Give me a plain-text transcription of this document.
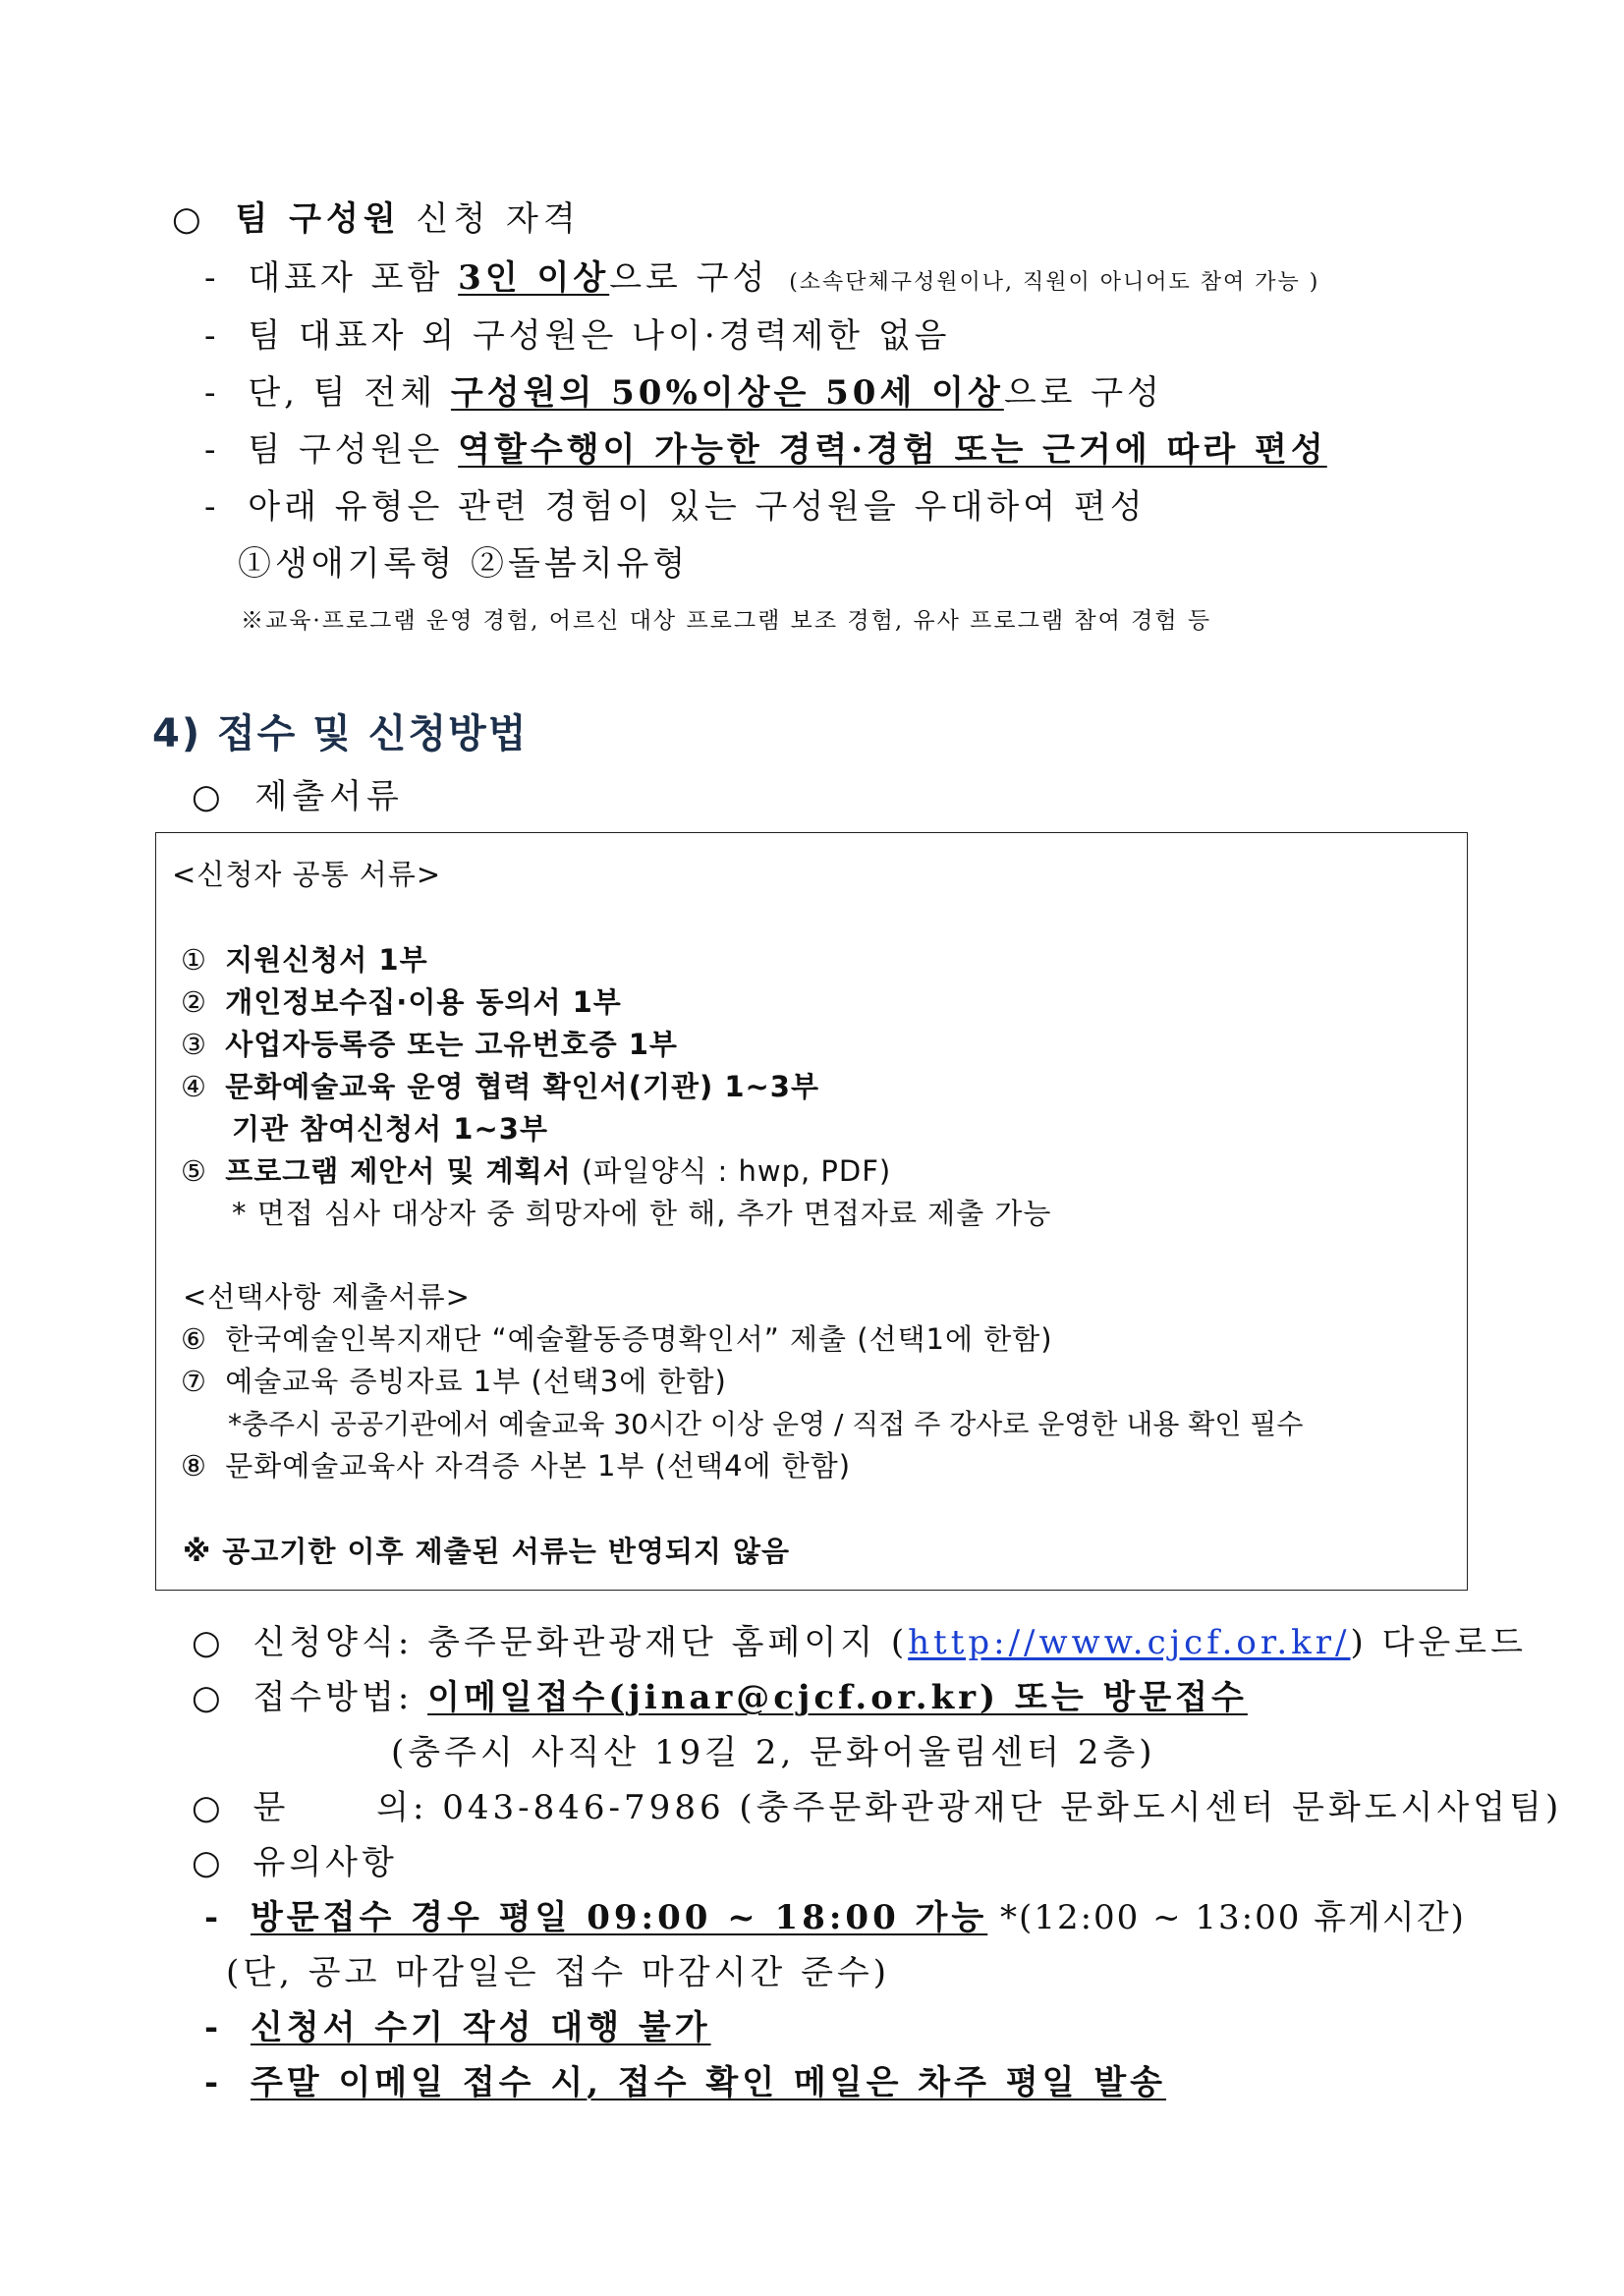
○ 팀 구성원 신청 자격
- 대표자 포함 3인 이상으로 구성 (소속단체구성원이나, 직원이 아니어도 참여 가능 )
- 팀 대표자 외 구성원은 나이·경력제한 없음
- 단, 팀 전체 구성원의 50%이상은 50세 이상으로 구성
- 팀 구성원은 역할수행이 가능한 경력·경험 또는 근거에 따라 편성
- 아래 유형은 관련 경험이 있는 구성원을 우대하여 편성
①생애기록형 ②돌봄치유형
※교육·프로그램 운영 경험, 어르신 대상 프로그램 보조 경험, 유사 프로그램 참여 경험 등
4) 접수 및 신청방법
○ 제출서류
<신청자 공통 서류>
① 지원신청서 1부
② 개인정보수집·이용 동의서 1부
③ 사업자등록증 또는 고유번호증 1부
④ 문화예술교육 운영 협력 확인서(기관) 1~3부
기관 참여신청서 1~3부
⑤ 프로그램 제안서 및 계획서 (파일양식 : hwp, PDF)
* 면접 심사 대상자 중 희망자에 한 해, 추가 면접자료 제출 가능
<선택사항 제출서류>
⑥ 한국예술인복지재단 “예술활동증명확인서” 제출 (선택1에 한함)
⑦ 예술교육 증빙자료 1부 (선택3에 한함)
*충주시 공공기관에서 예술교육 30시간 이상 운영 / 직접 주 강사로 운영한 내용 확인 필수
⑧ 문화예술교육사 자격증 사본 1부 (선택4에 한함)
※ 공고기한 이후 제출된 서류는 반영되지 않음
○ 신청양식: 충주문화관광재단 홈페이지 (http://www.cjcf.or.kr/) 다운로드
○ 접수방법: 이메일접수(jinar@cjcf.or.kr) 또는 방문접수
(충주시 사직산 19길 2, 문화어울림센터 2층)
○ 문      의: 043-846-7986 (충주문화관광재단 문화도시센터 문화도시사업팀)
○ 유의사항
- 방문접수 경우 평일 09:00 ~ 18:00 가능 *(12:00 ~ 13:00 휴게시간)
(단, 공고 마감일은 접수 마감시간 준수)
- 신청서 수기 작성 대행 불가
- 주말 이메일 접수 시, 접수 확인 메일은 차주 평일 발송
